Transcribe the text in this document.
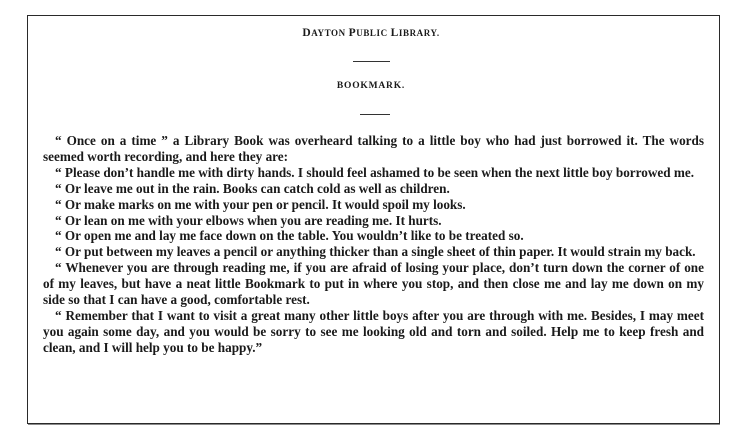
DAYTON PUBLIC LIBRARY.
BOOKMARK.

“ Once on a time ” a Library Book was overheard talking to a little boy who had just borrowed it. The words seemed worth recording, and here they are:

“ Please don’t handle me with dirty hands. I should feel ashamed to be seen when the next little boy borrowed me.

“ Or leave me out in the rain. Books can catch cold as well as children.

“ Or make marks on me with your pen or pencil. It would spoil my looks.

“ Or lean on me with your elbows when you are reading me. It hurts.

“ Or open me and lay me face down on the table. You wouldn’t like to be treated so.

“ Or put between my leaves a pencil or anything thicker than a single sheet of thin paper. It would strain my back.

“ Whenever you are through reading me, if you are afraid of losing your place, don’t turn down the corner of one of my leaves, but have a neat little Bookmark to put in where you stop, and then close me and lay me down on my side so that I can have a good, comfortable rest.

“ Remember that I want to visit a great many other little boys after you are through with me. Besides, I may meet you again some day, and you would be sorry to see me looking old and torn and soiled. Help me to keep fresh and clean, and I will help you to be happy.”
